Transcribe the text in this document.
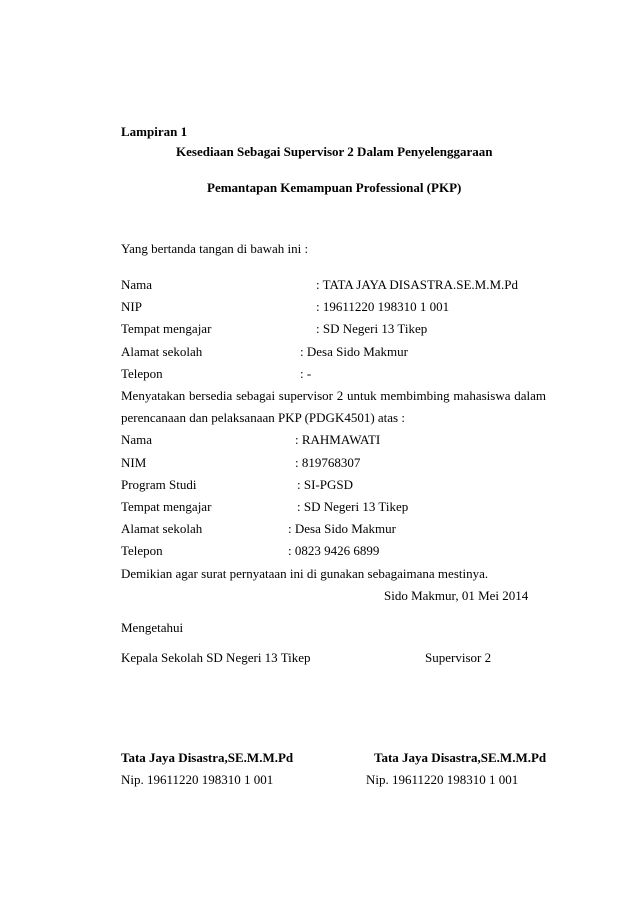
Lampiran 1
Kesediaan Sebagai Supervisor 2 Dalam Penyelenggaraan
Pemantapan Kemampuan Professional (PKP)
Yang bertanda tangan di bawah ini :
Nama	: TATA JAYA DISASTRA.SE.M.M.Pd
NIP	: 19611220 198310 1 001
Tempat mengajar	: SD Negeri 13 Tikep
Alamat sekolah	: Desa Sido Makmur
Telepon	: -
Menyatakan bersedia sebagai supervisor 2 untuk membimbing mahasiswa dalam
perencanaan dan pelaksanaan PKP (PDGK4501) atas :
Nama	: RAHMAWATI
NIM	: 819768307
Program Studi	: SI-PGSD
Tempat mengajar	: SD Negeri 13 Tikep
Alamat sekolah	: Desa Sido Makmur
Telepon	: 0823 9426 6899
Demikian agar surat pernyataan ini di gunakan sebagaimana mestinya.
Sido Makmur, 01 Mei 2014
Mengetahui
Kepala Sekolah SD Negeri 13 Tikep	Supervisor 2
Tata Jaya Disastra,SE.M.M.Pd	Tata Jaya Disastra,SE.M.M.Pd
Nip. 19611220 198310 1 001	Nip. 19611220 198310 1 001
